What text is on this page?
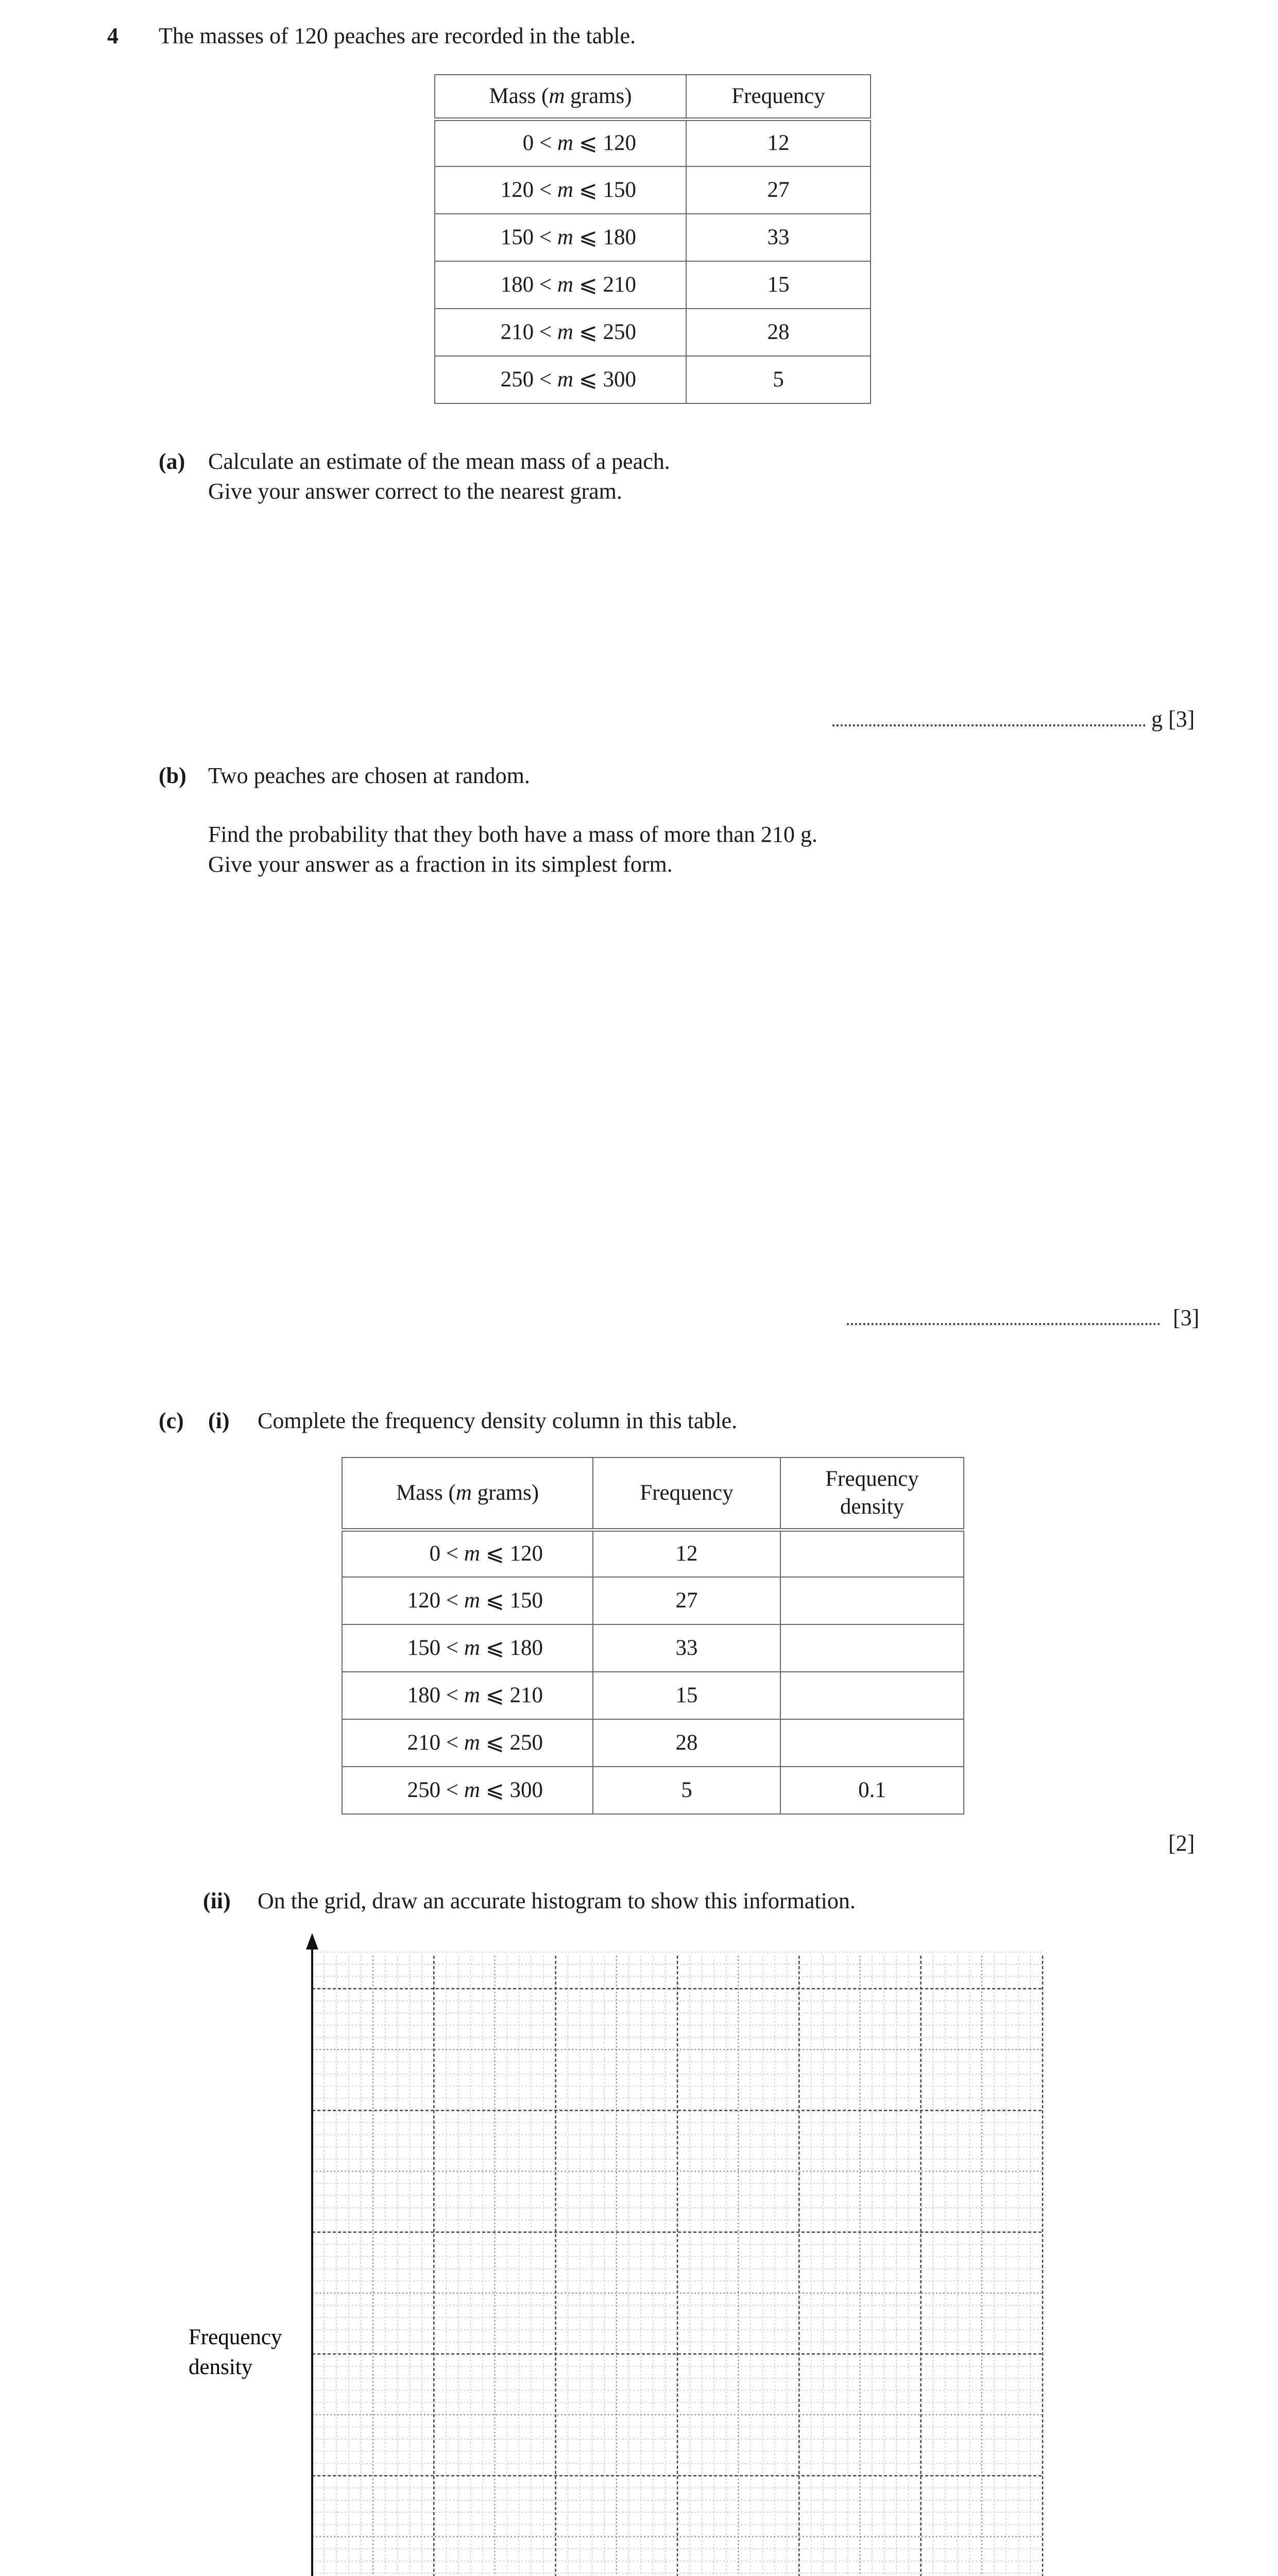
4 The masses of 120 peaches are recorded in the table.
Mass (m grams)	Frequency
0 < m ⩽ 120	12
120 < m ⩽ 150	27
150 < m ⩽ 180	33
180 < m ⩽ 210	15
210 < m ⩽ 250	28
250 < m ⩽ 300	5
(a) Calculate an estimate of the mean mass of a peach.
Give your answer correct to the nearest gram.
g [3]
(b) Two peaches are chosen at random.
Find the probability that they both have a mass of more than 210 g.
Give your answer as a fraction in its simplest form.
[3]
(c) (i) Complete the frequency density column in this table.
Mass (m grams)	Frequency	Frequency
density
0 < m ⩽ 120	12	
120 < m ⩽ 150	27	
150 < m ⩽ 180	33	
180 < m ⩽ 210	15	
210 < m ⩽ 250	28	
250 < m ⩽ 300	5	0.1
[2]
(ii) On the grid, draw an accurate histogram to show this information.
Frequency
density
